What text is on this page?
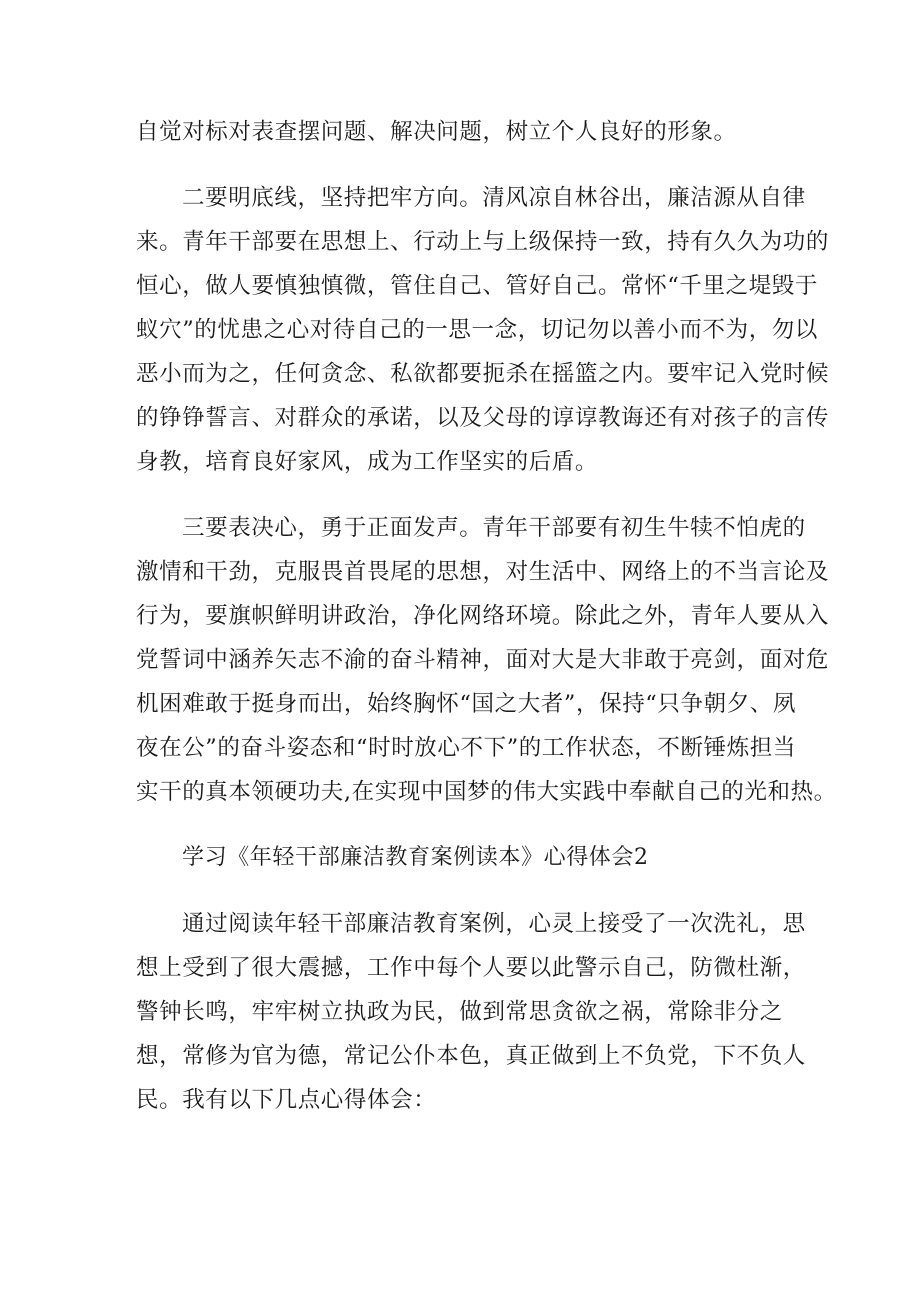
自觉对标对表查摆问题、解决问题，树立个人良好的形象。
二要明底线，坚持把牢方向。清风凉自林谷出，廉洁源从自律
来。青年干部要在思想上、行动上与上级保持一致，持有久久为功的
恒心，做人要慎独慎微，管住自己、管好自己。常怀“千里之堤毁于
蚁穴”的忧患之心对待自己的一思一念，切记勿以善小而不为，勿以
恶小而为之，任何贪念、私欲都要扼杀在摇篮之内。要牢记入党时候
的铮铮誓言、对群众的承诺，以及父母的谆谆教诲还有对孩子的言传
身教，培育良好家风，成为工作坚实的后盾。
三要表决心，勇于正面发声。青年干部要有初生牛犊不怕虎的
激情和干劲，克服畏首畏尾的思想，对生活中、网络上的不当言论及
行为，要旗帜鲜明讲政治，净化网络环境。除此之外，青年人要从入
党誓词中涵养矢志不渝的奋斗精神，面对大是大非敢于亮剑，面对危
机困难敢于挺身而出，始终胸怀“国之大者”，保持“只争朝夕、夙
夜在公”的奋斗姿态和“时时放心不下”的工作状态，不断锤炼担当
实干的真本领硬功夫,在实现中国梦的伟大实践中奉献自己的光和热。
学习《年轻干部廉洁教育案例读本》心得体会2
通过阅读年轻干部廉洁教育案例，心灵上接受了一次洗礼，思
想上受到了很大震撼，工作中每个人要以此警示自己，防微杜渐，
警钟长鸣，牢牢树立执政为民，做到常思贪欲之祸，常除非分之
想，常修为官为德，常记公仆本色，真正做到上不负党，下不负人
民。我有以下几点心得体会：
